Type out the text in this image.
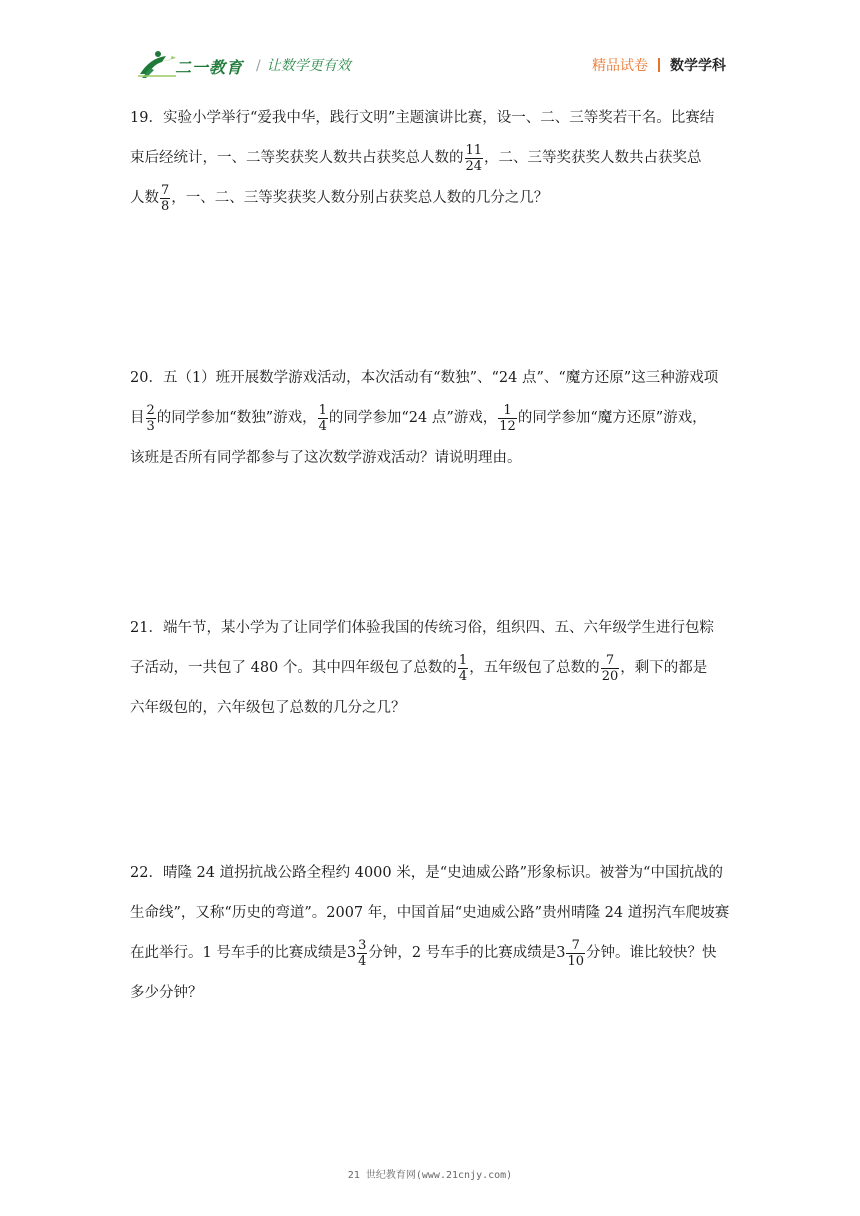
二一教育 / 让数学更有效	精品试卷 数学学科
19．实验小学举行“爱我中华，践行文明”主题演讲比赛，设一、二、三等奖若干名。比赛结
束后经统计，一、二等奖获奖人数共占获奖总人数的 $\frac{11}{24}$ ，二、三等奖获奖人数共占获奖总
人数 $\frac{7}{8}$ ，一、二、三等奖获奖人数分别占获奖总人数的几分之几？
20．五（1）班开展数学游戏活动，本次活动有“数独”、“24 点”、“魔方还原”这三种游戏项
目 $\frac{2}{3}$ 的同学参加“数独”游戏， $\frac{1}{4}$ 的同学参加“24 点”游戏， $\frac{1}{12}$ 的同学参加“魔方还原”游戏，
该班是否所有同学都参与了这次数学游戏活动？请说明理由。
21．端午节，某小学为了让同学们体验我国的传统习俗，组织四、五、六年级学生进行包粽
子活动，一共包了 480 个。其中四年级包了总数的 $\frac{1}{4}$ ，五年级包了总数的 $\frac{7}{20}$ ，剩下的都是
六年级包的，六年级包了总数的几分之几？
22．晴隆 24 道拐抗战公路全程约 4000 米，是“史迪威公路”形象标识。被誉为“中国抗战的
生命线”，又称“历史的弯道”。2007 年，中国首届“史迪威公路”贵州晴隆 24 道拐汽车爬坡赛
在此举行。1 号车手的比赛成绩是$3 \frac{3}{4}$ 分钟，2 号车手的比赛成绩是$3 \frac{7}{10}$ 分钟。谁比较快？快
多少分钟？
21 世纪教育网(www.21cnjy.com)
